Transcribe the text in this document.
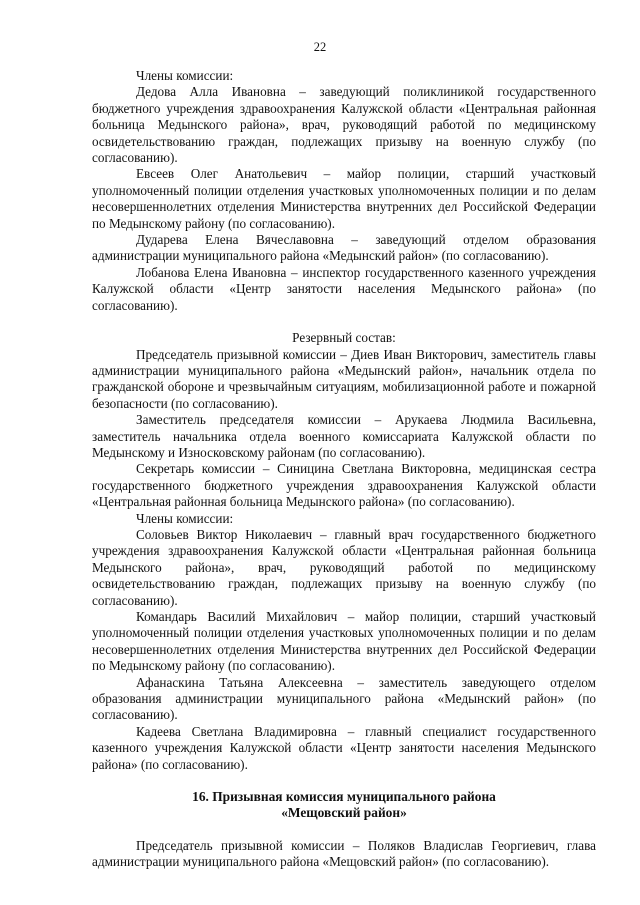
22

Члены комиссии:

Дедова Алла Ивановна – заведующий поликлиникой государственного бюджетного учреждения здравоохранения Калужской области «Центральная районная больница Медынского района», врач, руководящий работой по медицинскому освидетельствованию граждан, подлежащих призыву на военную службу (по согласованию).

Евсеев Олег Анатольевич – майор полиции, старший участковый уполномоченный полиции отделения участковых уполномоченных полиции и по делам несовершеннолетних отделения Министерства внутренних дел Российской Федерации по Медынскому району (по согласованию).

Дударева Елена Вячеславовна – заведующий отделом образования администрации муниципального района «Медынский район» (по согласованию).

Лобанова Елена Ивановна – инспектор государственного казенного учреждения Калужской области «Центр занятости населения Медынского района» (по согласованию).

Резервный состав:

Председатель призывной комиссии – Диев Иван Викторович, заместитель главы администрации муниципального района «Медынский район», начальник отдела по гражданской обороне и чрезвычайным ситуациям, мобилизационной работе и пожарной безопасности (по согласованию).

Заместитель председателя комиссии – Арукаева Людмила Васильевна, заместитель начальника отдела военного комиссариата Калужской области по Медынскому и Износковскому районам (по согласованию).

Секретарь комиссии – Синицина Светлана Викторовна, медицинская сестра государственного бюджетного учреждения здравоохранения Калужской области «Центральная районная больница Медынского района» (по согласованию).

Члены комиссии:

Соловьев Виктор Николаевич – главный врач государственного бюджетного учреждения здравоохранения Калужской области «Центральная районная больница Медынского района», врач, руководящий работой по медицинскому освидетельствованию граждан, подлежащих призыву на военную службу (по согласованию).

Командарь Василий Михайлович – майор полиции, старший участковый уполномоченный полиции отделения участковых уполномоченных полиции и по делам несовершеннолетних отделения Министерства внутренних дел Российской Федерации по Медынскому району (по согласованию).

Афанаскина Татьяна Алексеевна – заместитель заведующего отделом образования администрации муниципального района «Медынский район» (по согласованию).

Кадеева Светлана Владимировна – главный специалист государственного казенного учреждения Калужской области «Центр занятости населения Медынского района» (по согласованию).

16. Призывная комиссия муниципального района

«Мещовский район»

Председатель призывной комиссии – Поляков Владислав Георгиевич, глава администрации муниципального района «Мещовский район» (по согласованию).
